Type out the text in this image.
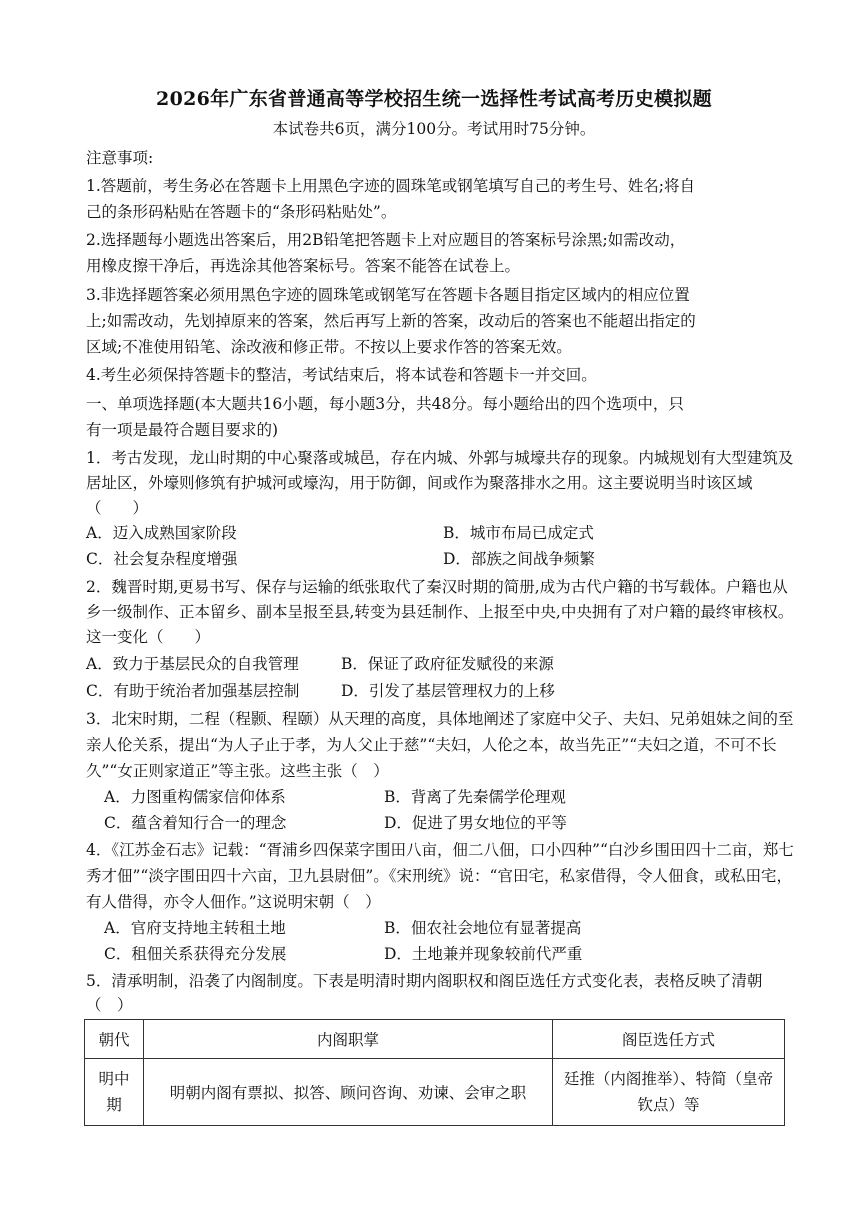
2026年广东省普通高等学校招生统一选择性考试高考历史模拟题
本试卷共6页，满分100分。考试用时75分钟。
注意事项:
1.答题前，考生务必在答题卡上用黑色字迹的圆珠笔或钢笔填写自己的考生号、姓名;将自
己的条形码粘贴在答题卡的“条形码粘贴处”。
2.选择题每小题选出答案后，用2B铅笔把答题卡上对应题目的答案标号涂黑;如需改动，
用橡皮擦干净后，再选涂其他答案标号。答案不能答在试卷上。
3.非选择题答案必须用黑色字迹的圆珠笔或钢笔写在答题卡各题目指定区域内的相应位置
上;如需改动，先划掉原来的答案，然后再写上新的答案，改动后的答案也不能超出指定的
区域;不准使用铅笔、涂改液和修正带。不按以上要求作答的答案无效。
4.考生必须保持答题卡的整洁，考试结束后，将本试卷和答题卡一并交回。
一、单项选择题(本大题共16小题，每小题3分，共48分。每小题给出的四个选项中，只
有一项是最符合题目要求的)
1．考古发现，龙山时期的中心聚落或城邑，存在内城、外郭与城壕共存的现象。内城规划有大型建筑及
居址区，外壕则修筑有护城河或壕沟，用于防御，间或作为聚落排水之用。这主要说明当时该区域
（　　）
A．迈入成熟国家阶段	B．城市布局已成定式
C．社会复杂程度增强	D．部族之间战争频繁
2．魏晋时期,更易书写、保存与运输的纸张取代了秦汉时期的简册,成为古代户籍的书写载体。户籍也从
乡一级制作、正本留乡、副本呈报至县,转变为县廷制作、上报至中央,中央拥有了对户籍的最终审核权。
这一变化（　　）
A．致力于基层民众的自我管理	B．保证了政府征发赋役的来源
C．有助于统治者加强基层控制	D．引发了基层管理权力的上移
3．北宋时期，二程（程颢、程颐）从天理的高度，具体地阐述了家庭中父子、夫妇、兄弟姐妹之间的至
亲人伦关系，提出“为人子止于孝，为人父止于慈”“夫妇，人伦之本，故当先正”“夫妇之道，不可不长
久”“女正则家道正”等主张。这些主张（　）
A．力图重构儒家信仰体系	B．背离了先秦儒学伦理观
C．蕴含着知行合一的理念	D．促进了男女地位的平等
4．《江苏金石志》记载：“胥浦乡四保菜字围田八亩，佃二八佃，口小四种”“白沙乡围田四十二亩，郑七
秀才佃”“淡字围田四十六亩，卫九县尉佃”。《宋刑统》说：“官田宅，私家借得，令人佃食，或私田宅，
有人借得，亦令人佃作。”这说明宋朝（　）
A．官府支持地主转租土地	B．佃农社会地位有显著提高
C．租佃关系获得充分发展	D．土地兼并现象较前代严重
5．清承明制，沿袭了内阁制度。下表是明清时期内阁职权和阁臣选任方式变化表，表格反映了清朝
（　）
朝代	内阁职掌	阁臣选任方式
明中
期	明朝内阁有票拟、拟答、顾问咨询、劝谏、会审之职	廷推（内阁推举）、特简（皇帝
钦点）等
